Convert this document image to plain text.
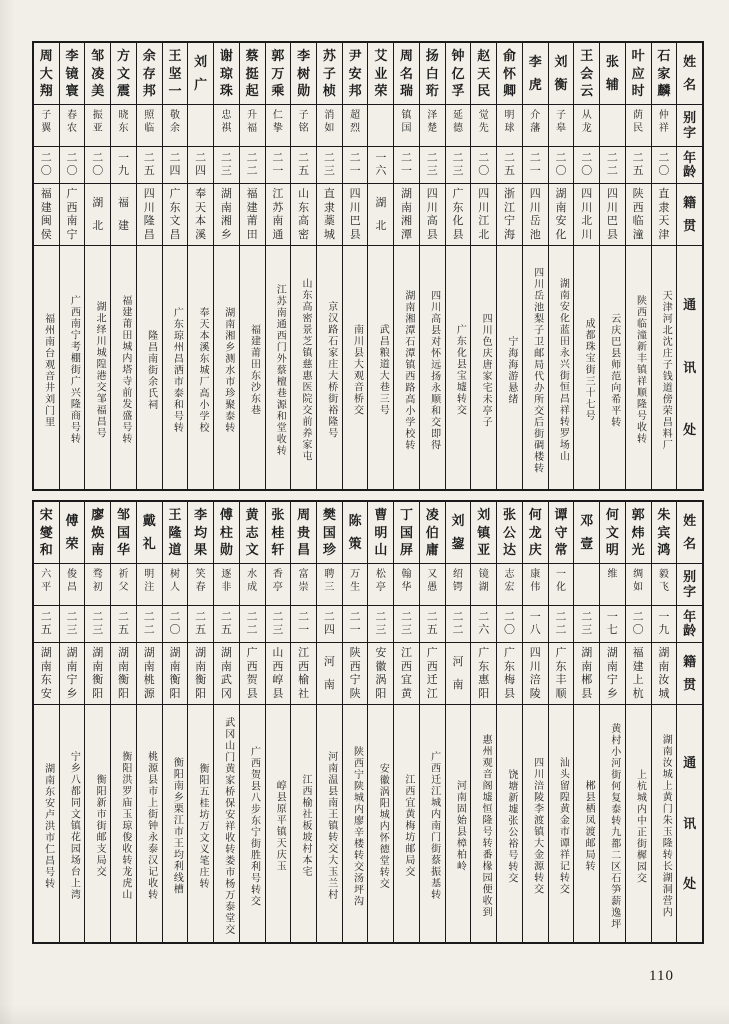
姓
名
别
字
年
龄
籍
贯
通
讯
处
石
家
麟
仲
祥
二
〇
直
隶
天
津
天津河北沈庄子钱道傍荣昌料厂
叶
应
时
荫
民
二
五
陕
西
临
潼
陕西临潼新丰镇祥顺隆号收转
张
辅
二
二
四
川
巴
县
云庆巴县师范向希平转
王
会
云
从
龙
二
〇
四
川
北
川
成都珠宝街三十七号
刘
衡
子
皋
二
〇
湖
南
安
化
湖南安化蓝田永兴街恒昌祥转罗场山
李
虎
介
藩
二
一
四
川
岳
池
四川岳池梨子卫邮局代办所交后街碉楼转
俞
怀
卿
明
球
二
五
浙
江
宁
海
宁海海游悬绪
赵
天
民
觉
先
二
〇
四
川
江
北
四川色庆唐家宅未亭子
钟
亿
孚
延
德
二
三
广
东
化
县
广东化县宝墟转交
扬
白
珩
泽
楚
二
三
四
川
高
县
四川高县对怀远扬永顺和交即得
周
名
瑞
镇
国
二
一
湖
南
湘
潭
湖南湘潭石潭镇西路高小学校转
艾
业
荣
一
六
湖
北
武昌粮道大巷三号
尹
安
邦
超
烈
二
一
四
川
巴
县
南川县大观音桥交
苏
子
桢
消
如
二
三
直
隶
藁
城
京汉路石家庄大桥街裕隆号
李
树
勋
子
铭
二
五
山
东
高
密
山东高密景芝镇慈惠医院交前养家屯
郭
万
乘
仁
挚
二
一
江
苏
南
通
江苏南通西门外蔡檀巷源和堂收转
蔡
挺
起
升
福
二
二
福
建
莆
田
福建莆田东沙东巷
谢
琼
珠
忠
祺
二
三
湖
南
湘
乡
湖南湘乡测水市珍聚泰转
刘
广
二
四
奉
天
本
溪
奉天本溪东城厂高小学校
王
坚
一
敬
余
二
四
广
东
文
昌
广东琼州昌洒市泰和号转
余
存
邦
照
临
二
五
四
川
隆
昌
隆昌南街余氏祠
方
文
震
晓
东
一
九
福
建
福建莆田城内塔寺前发盛号转
邹
凌
美
振
亚
二
〇
湖
北
湖北绎川城隍港交邹福昌号
李
镜
寰
春
农
二
〇
广
西
南
宁
广西南宁考棚街广兴隆商号转
周
大
翔
子
翼
二
〇
福
建
闽
侯
福州南台观音井刘门里
姓
名
别
字
年
龄
籍
贯
通
讯
处
朱
宾
鸿
毅
飞
一
九
湖
南
汝
城
湖南汝城上黄门朱玉隆转长湖洞营内
郭
炜
光
绸
如
二
〇
福
建
上
杭
上杭城内中正街樨园交
何
文
明
维
一
七
湖
南
宁
乡
黄村小河街何复泰转九都二区石笋薪逸坪
邓
壹
二
三
湖
南
郴
县
郴县栖凤渡邮局转
谭
守
常
一
化
二
二
广
东
丰
顺
汕头留隍黄金市谭祥记转交
何
龙
庆
康
伟
一
八
四
川
涪
陵
四川涪陵李渡镇大金源转交
张
公
达
志
宏
二
〇
广
东
梅
县
饶塘新墟张公裕号转交
刘
镇
亚
镜
湖
二
六
广
东
惠
阳
惠州观音阁墟恒隆号转番椽园便收到
刘
鋆
绍
锷
二
二
河
南
河南固始县樟柏岭
凌
伯
庸
又
愚
二
五
广
西
迁
江
广西迁江城内南门街蔡振基转
丁
国
屏
翰
华
二
三
江
西
宜
黄
江西宜黄梅坊邮局交
曹
明
山
松
亭
二
三
安
徽
涡
阳
安徽涡阳城内怀德堂转交
陈
策
万
生
二
一
陕
西
宁
陕
陕西宁陕城内廖辛楼转交汤坪沟
樊
国
珍
聘
三
二
四
河
南
河南温县南王镇转交大玉兰村
周
贵
昌
富
崇
二
一
江
西
榆
社
江西榆社板坡村本宅
张
桂
轩
香
亭
二
三
山
西
崞
县
崞县原平镇天庆玉
黄
志
文
水
成
二
二
广
西
贺
县
广西贺县八步东宁街胜利号转交
傅
柱
勋
逐
非
二
五
湖
南
武
冈
武冈山门黄家桥保安祥收转娄市杨万泰堂交
李
均
果
笑
春
二
五
湖
南
衡
阳
衡阳五桂坊万文义笔庄转
王
隆
道
树
人
二
〇
湖
南
衡
阳
衡阳南乡栗江市王均利线槽
戴
礼
明
注
二
二
湖
南
桃
源
桃源县市上街钟永泰汉记收转
邹
国
华
祈
父
二
五
湖
南
衡
阳
衡阳洪罗庙玉琼俊收转龙虎山
廖
焕
南
骛
初
二
三
湖
南
衡
阳
衡阳新市街邮支局交
傅
荣
俊
昌
二
三
湖
南
宁
乡
宁乡八都同文镇花园场台上湾
宋
燮
和
六
平
二
五
湖
南
东
安
湖南东安卢洪市仁昌号转
110
